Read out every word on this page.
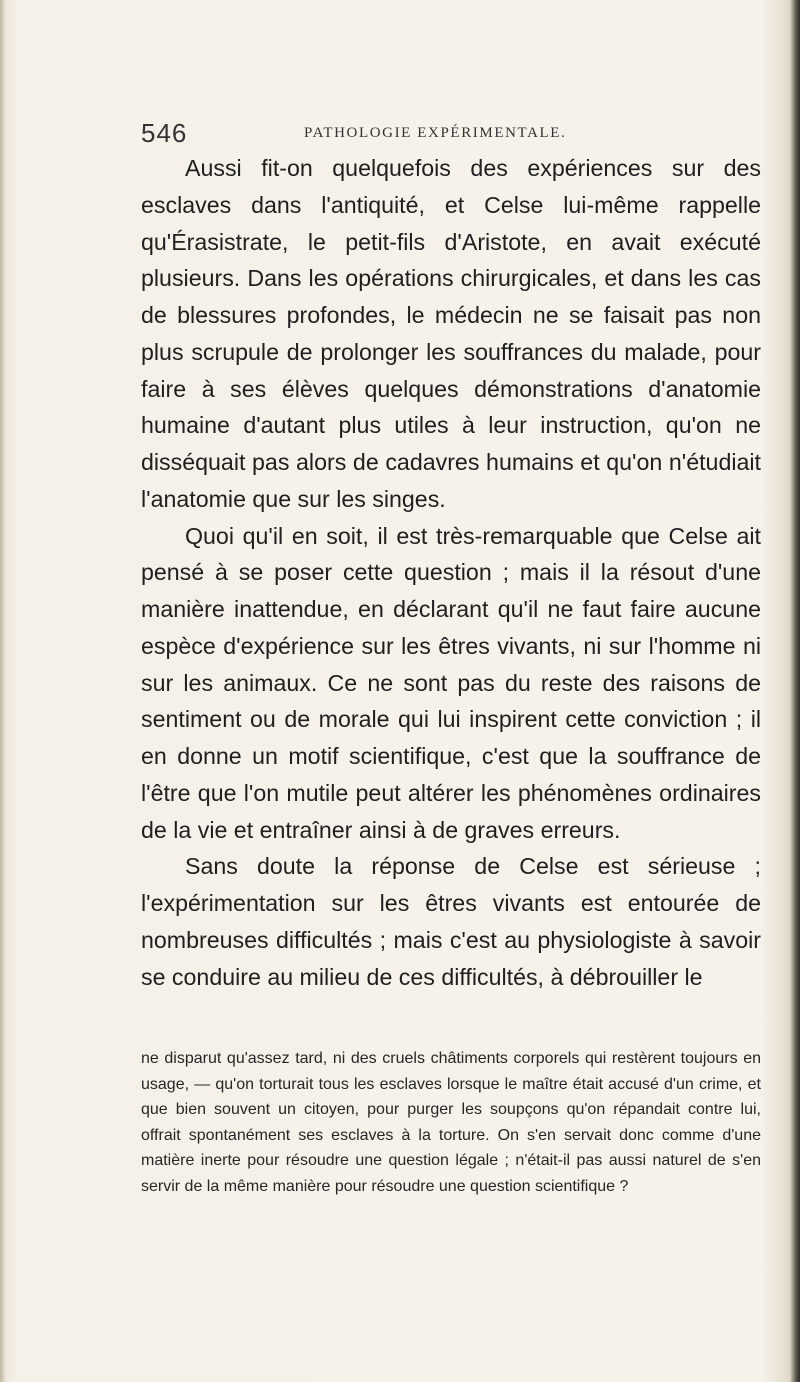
546	PATHOLOGIE EXPÉRIMENTALE.

Aussi fit-on quelquefois des expériences sur des esclaves dans l'antiquité, et Celse lui-même rappelle qu'Érasistrate, le petit-fils d'Aristote, en avait exécuté plusieurs. Dans les opérations chirurgicales, et dans les cas de blessures profondes, le médecin ne se faisait pas non plus scrupule de prolonger les souffrances du malade, pour faire à ses élèves quelques démonstrations d'anatomie humaine d'autant plus utiles à leur instruction, qu'on ne disséquait pas alors de cadavres humains et qu'on n'étudiait l'anatomie que sur les singes.

Quoi qu'il en soit, il est très-remarquable que Celse ait pensé à se poser cette question ; mais il la résout d'une manière inattendue, en déclarant qu'il ne faut faire aucune espèce d'expérience sur les êtres vivants, ni sur l'homme ni sur les animaux. Ce ne sont pas du reste des raisons de sentiment ou de morale qui lui inspirent cette conviction ; il en donne un motif scientifique, c'est que la souffrance de l'être que l'on mutile peut altérer les phénomènes ordinaires de la vie et entraîner ainsi à de graves erreurs.

Sans doute la réponse de Celse est sérieuse ; l'expérimentation sur les êtres vivants est entourée de nombreuses difficultés ; mais c'est au physiologiste à savoir se conduire au milieu de ces difficultés, à débrouiller le

ne disparut qu'assez tard, ni des cruels châtiments corporels qui restèrent toujours en usage, — qu'on torturait tous les esclaves lorsque le maître était accusé d'un crime, et que bien souvent un citoyen, pour purger les soupçons qu'on répandait contre lui, offrait spontanément ses esclaves à la torture. On s'en servait donc comme d'une matière inerte pour résoudre une question légale ; n'était-il pas aussi naturel de s'en servir de la même manière pour résoudre une question scientifique ?
